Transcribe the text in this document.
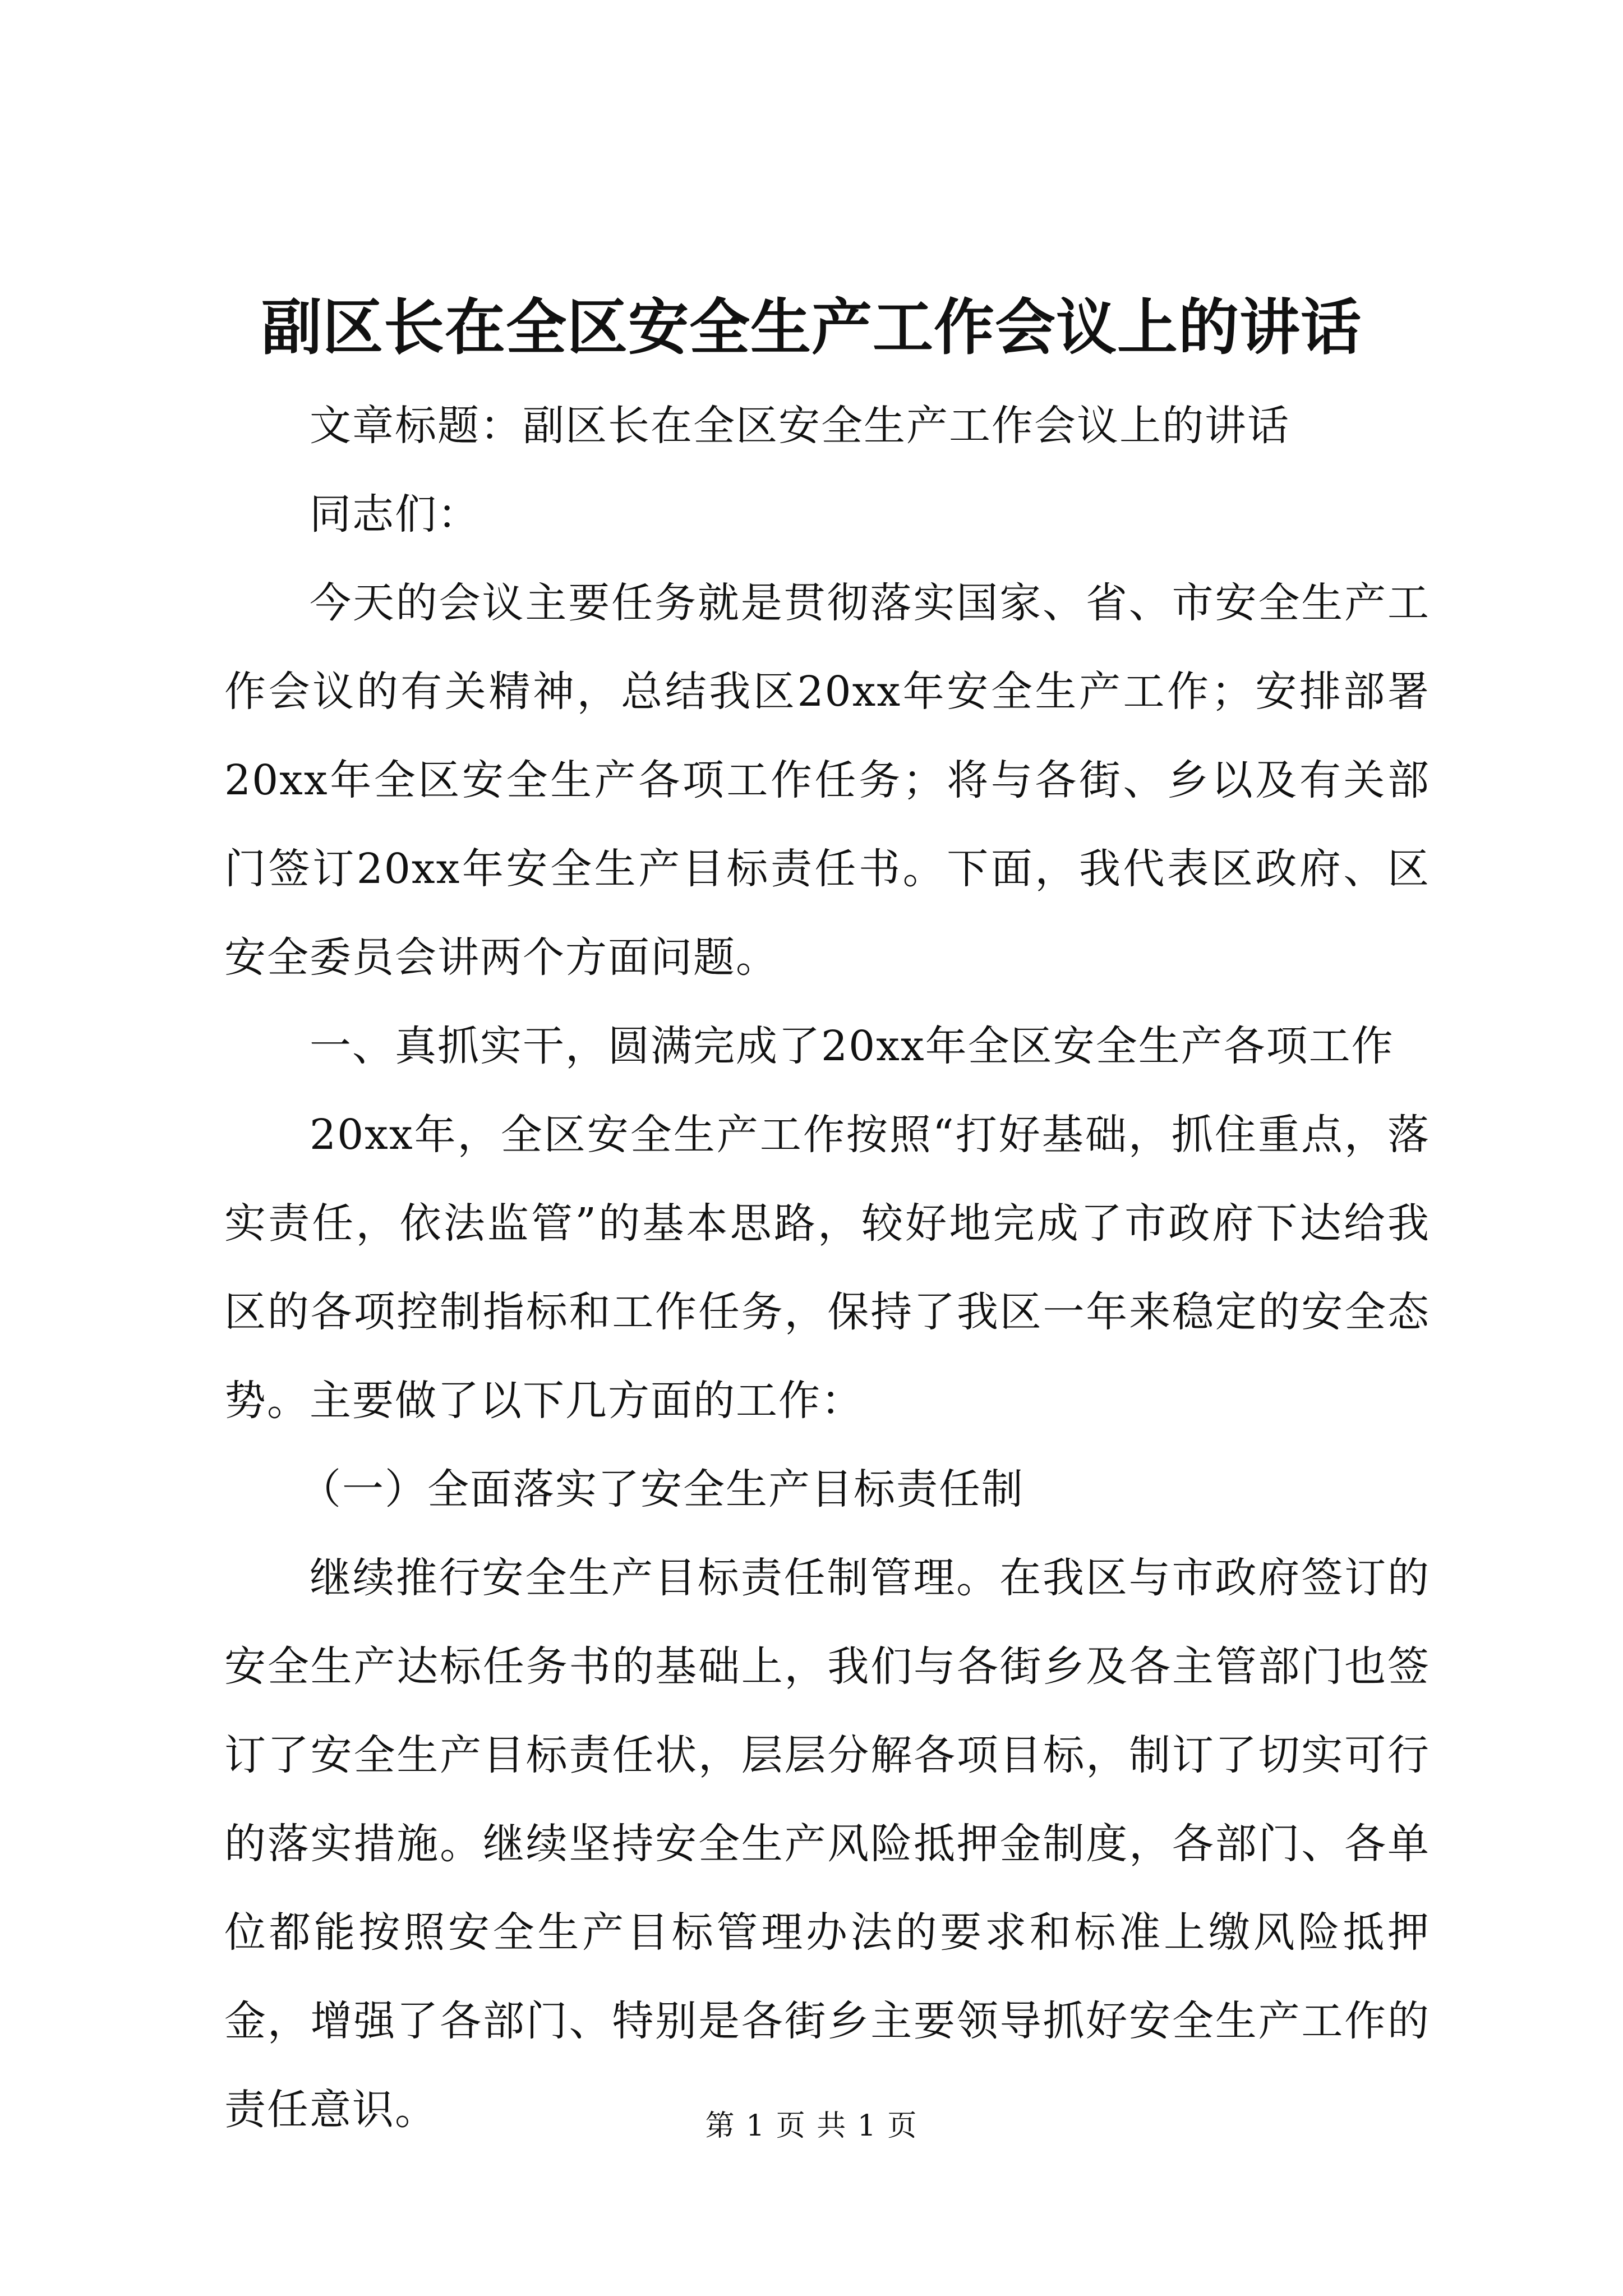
副区长在全区安全生产工作会议上的讲话

文章标题：副区长在全区安全生产工作会议上的讲话

同志们：

今天的会议主要任务就是贯彻落实国家、省、市安全生产工作会议的有关精神，总结我区20xx年安全生产工作；安排部署20xx年全区安全生产各项工作任务；将与各街、乡以及有关部门签订20xx年安全生产目标责任书。下面，我代表区政府、区安全委员会讲两个方面问题。

一、真抓实干，圆满完成了20xx年全区安全生产各项工作

20xx年，全区安全生产工作按照“打好基础，抓住重点，落实责任，依法监管”的基本思路，较好地完成了市政府下达给我区的各项控制指标和工作任务，保持了我区一年来稳定的安全态势。主要做了以下几方面的工作：

（一）全面落实了安全生产目标责任制

继续推行安全生产目标责任制管理。在我区与市政府签订的安全生产达标任务书的基础上，我们与各街乡及各主管部门也签订了安全生产目标责任状，层层分解各项目标，制订了切实可行的落实措施。继续坚持安全生产风险抵押金制度，各部门、各单位都能按照安全生产目标管理办法的要求和标准上缴风险抵押金，增强了各部门、特别是各街乡主要领导抓好安全生产工作的责任意识。	第 1 页 共 1 页
